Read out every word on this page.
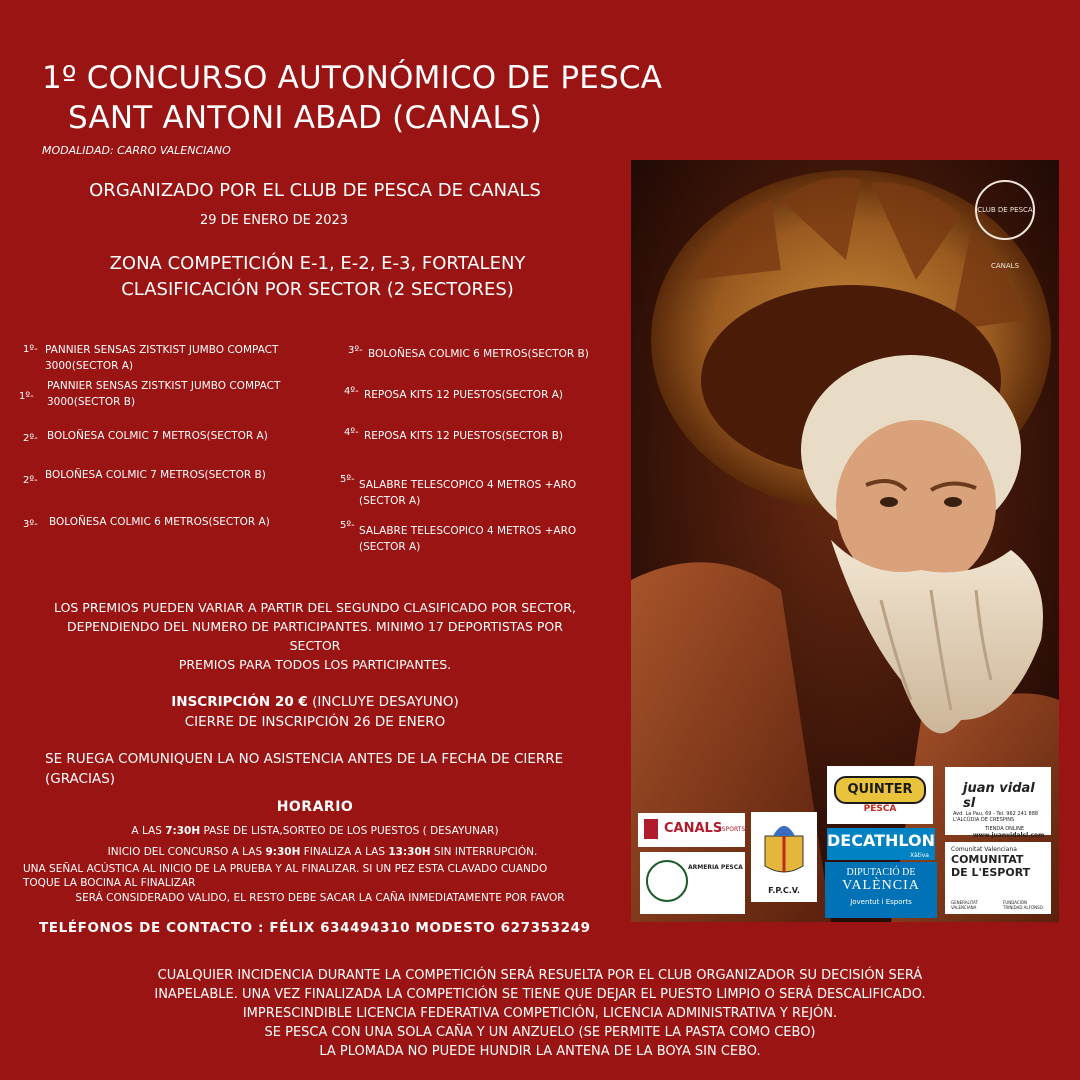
1º CONCURSO AUTONÓMICO DE PESCA
SANT ANTONI ABAD (CANALS)
MODALIDAD: CARRO VALENCIANO
ORGANIZADO POR EL CLUB DE PESCA DE CANALS
29 DE ENERO DE 2023
ZONA COMPETICIÓN E-1, E-2, E-3, FORTALENY
CLASIFICACIÓN POR SECTOR (2 SECTORES)
1º- PANNIER SENSAS ZISTKIST JUMBO COMPACT 3000(SECTOR A)
1º-
PANNIER SENSAS ZISTKIST JUMBO COMPACT 3000(SECTOR B)
2º- BOLOÑESA COLMIC 7 METROS(SECTOR A)
2º- BOLOÑESA COLMIC 7 METROS(SECTOR B)
3º- BOLOÑESA COLMIC 6 METROS(SECTOR A)
3º- BOLOÑESA COLMIC 6 METROS(SECTOR B)
4º- REPOSA KITS 12 PUESTOS(SECTOR A)
4º- REPOSA KITS 12 PUESTOS(SECTOR B)
5º- SALABRE TELESCOPICO 4 METROS +ARO (SECTOR A)
5º- SALABRE TELESCOPICO 4 METROS +ARO (SECTOR A)
LOS PREMIOS PUEDEN VARIAR A PARTIR DEL SEGUNDO CLASIFICADO POR SECTOR,
DEPENDIENDO DEL NUMERO DE PARTICIPANTES. MINIMO 17 DEPORTISTAS POR
SECTOR
PREMIOS PARA TODOS LOS PARTICIPANTES.
INSCRIPCIÓN 20 € (INCLUYE DESAYUNO)
CIERRE DE INSCRIPCIÓN 26 DE ENERO
SE RUEGA COMUNIQUEN LA NO ASISTENCIA ANTES DE LA FECHA DE CIERRE
(GRACIAS)
HORARIO
A LAS 7:30H PASE DE LISTA,SORTEO DE LOS PUESTOS ( DESAYUNAR)
INICIO DEL CONCURSO A LAS 9:30H FINALIZA A LAS 13:30H SIN INTERRUPCIÓN.
UNA SEÑAL ACÚSTICA AL INICIO DE LA PRUEBA Y AL FINALIZAR. SI UN PEZ ESTA CLAVADO CUANDO
TOQUE LA BOCINA AL FINALIZAR
SERÁ CONSIDERADO VALIDO, EL RESTO DEBE SACAR LA CAÑA INMEDIATAMENTE POR FAVOR
TELÉFONOS DE CONTACTO : FÉLIX 634494310 MODESTO 627353249
CUALQUIER INCIDENCIA DURANTE LA COMPETICIÓN SERÁ RESUELTA POR EL CLUB ORGANIZADOR SU DECISIÓN SERÁ
INAPELABLE. UNA VEZ FINALIZADA LA COMPETICIÓN SE TIENE QUE DEJAR EL PUESTO LIMPIO O SERÁ DESCALIFICADO.
IMPRESCINDIBLE LICENCIA FEDERATIVA COMPETICIÓN, LICENCIA ADMINISTRATIVA Y REJÓN.
SE PESCA CON UNA SOLA CAÑA Y UN ANZUELO (SE PERMITE LA PASTA COMO CEBO)
LA PLOMADA NO PUEDE HUNDIR LA ANTENA DE LA BOYA SIN CEBO.
CLUB DE PESCA CANALS
QUINTER
PESCA
juan vidal sl
Avd. La Pau, 69 - Tel. 962 241 888
L'ALCÚDIA DE CRESPINS
TIENDA ONLINE
www.juanvidalsl.com
CANALS
ESPORTS
F.P.C.V.
DECATHLON
Xàtiva
DIPUTACIÓ DE
VALÈNCIA
Joventut i Esports
Comunitat Valenciana
COMUNITAT
DE L'ESPORT
GENERALITAT VALENCIANA
FUNDACIÓN TRINIDAD ALFONSO
ARMERIA PESCA
